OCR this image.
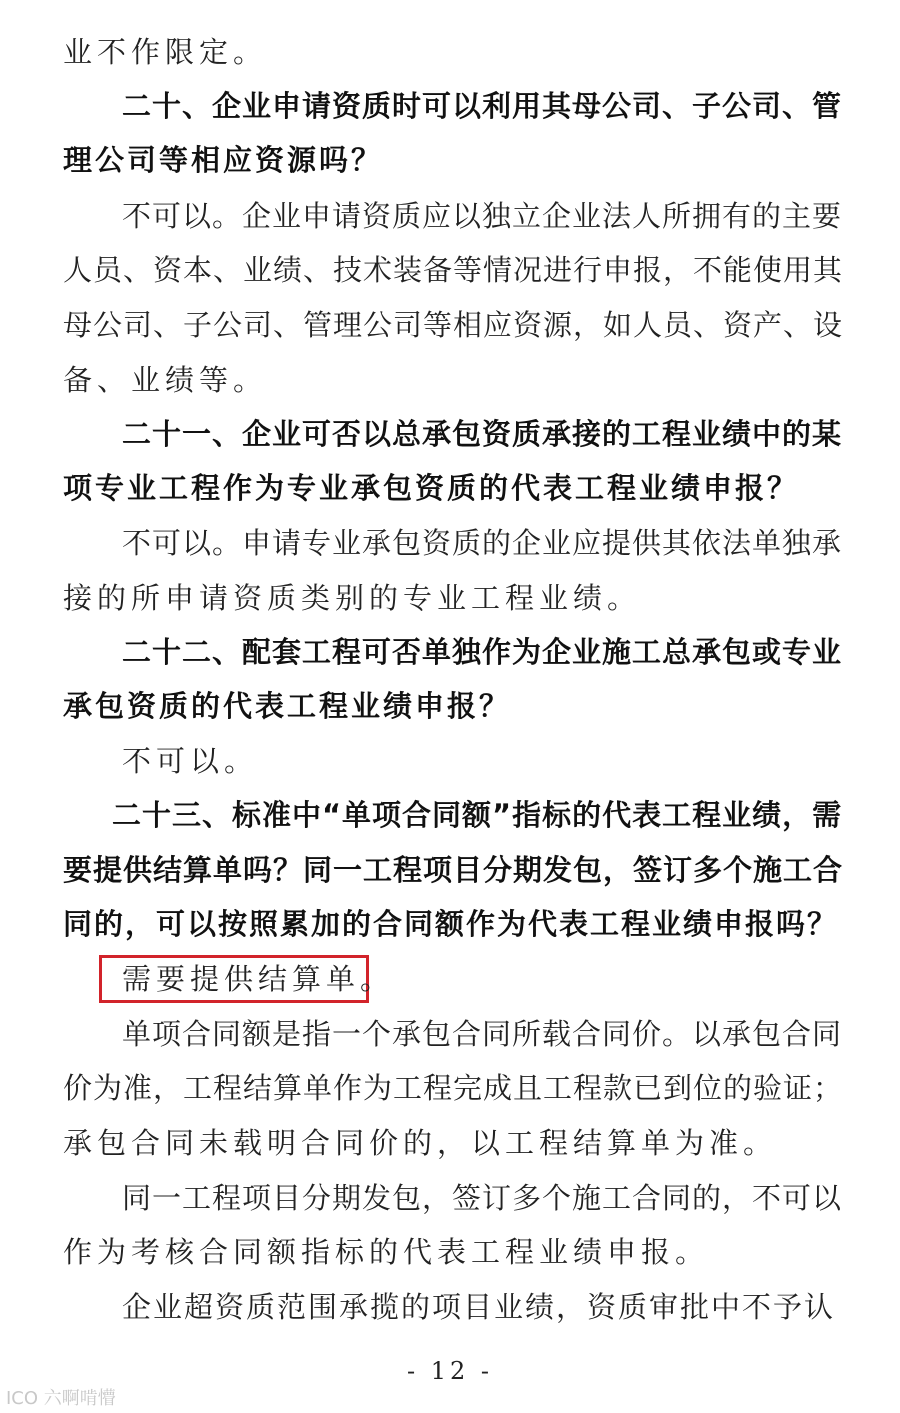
业不作限定。
二十、企业申请资质时可以利用其母公司、子公司、管
理公司等相应资源吗？
不可以。企业申请资质应以独立企业法人所拥有的主要
人员、资本、业绩、技术装备等情况进行申报，不能使用其
母公司、子公司、管理公司等相应资源，如人员、资产、设
备、业绩等。
二十一、企业可否以总承包资质承接的工程业绩中的某
项专业工程作为专业承包资质的代表工程业绩申报？
不可以。申请专业承包资质的企业应提供其依法单独承
接的所申请资质类别的专业工程业绩。
二十二、配套工程可否单独作为企业施工总承包或专业
承包资质的代表工程业绩申报？
不可以。
二十三、标准中“单项合同额”指标的代表工程业绩，需
要提供结算单吗？同一工程项目分期发包，签订多个施工合
同的，可以按照累加的合同额作为代表工程业绩申报吗？
需要提供结算单。
单项合同额是指一个承包合同所载合同价。以承包合同
价为准，工程结算单作为工程完成且工程款已到位的验证；
承包合同未载明合同价的，以工程结算单为准。
同一工程项目分期发包，签订多个施工合同的，不可以
作为考核合同额指标的代表工程业绩申报。
企业超资质范围承揽的项目业绩，资质审批中不予认
- 12 -
ICO 六啊啃懵
